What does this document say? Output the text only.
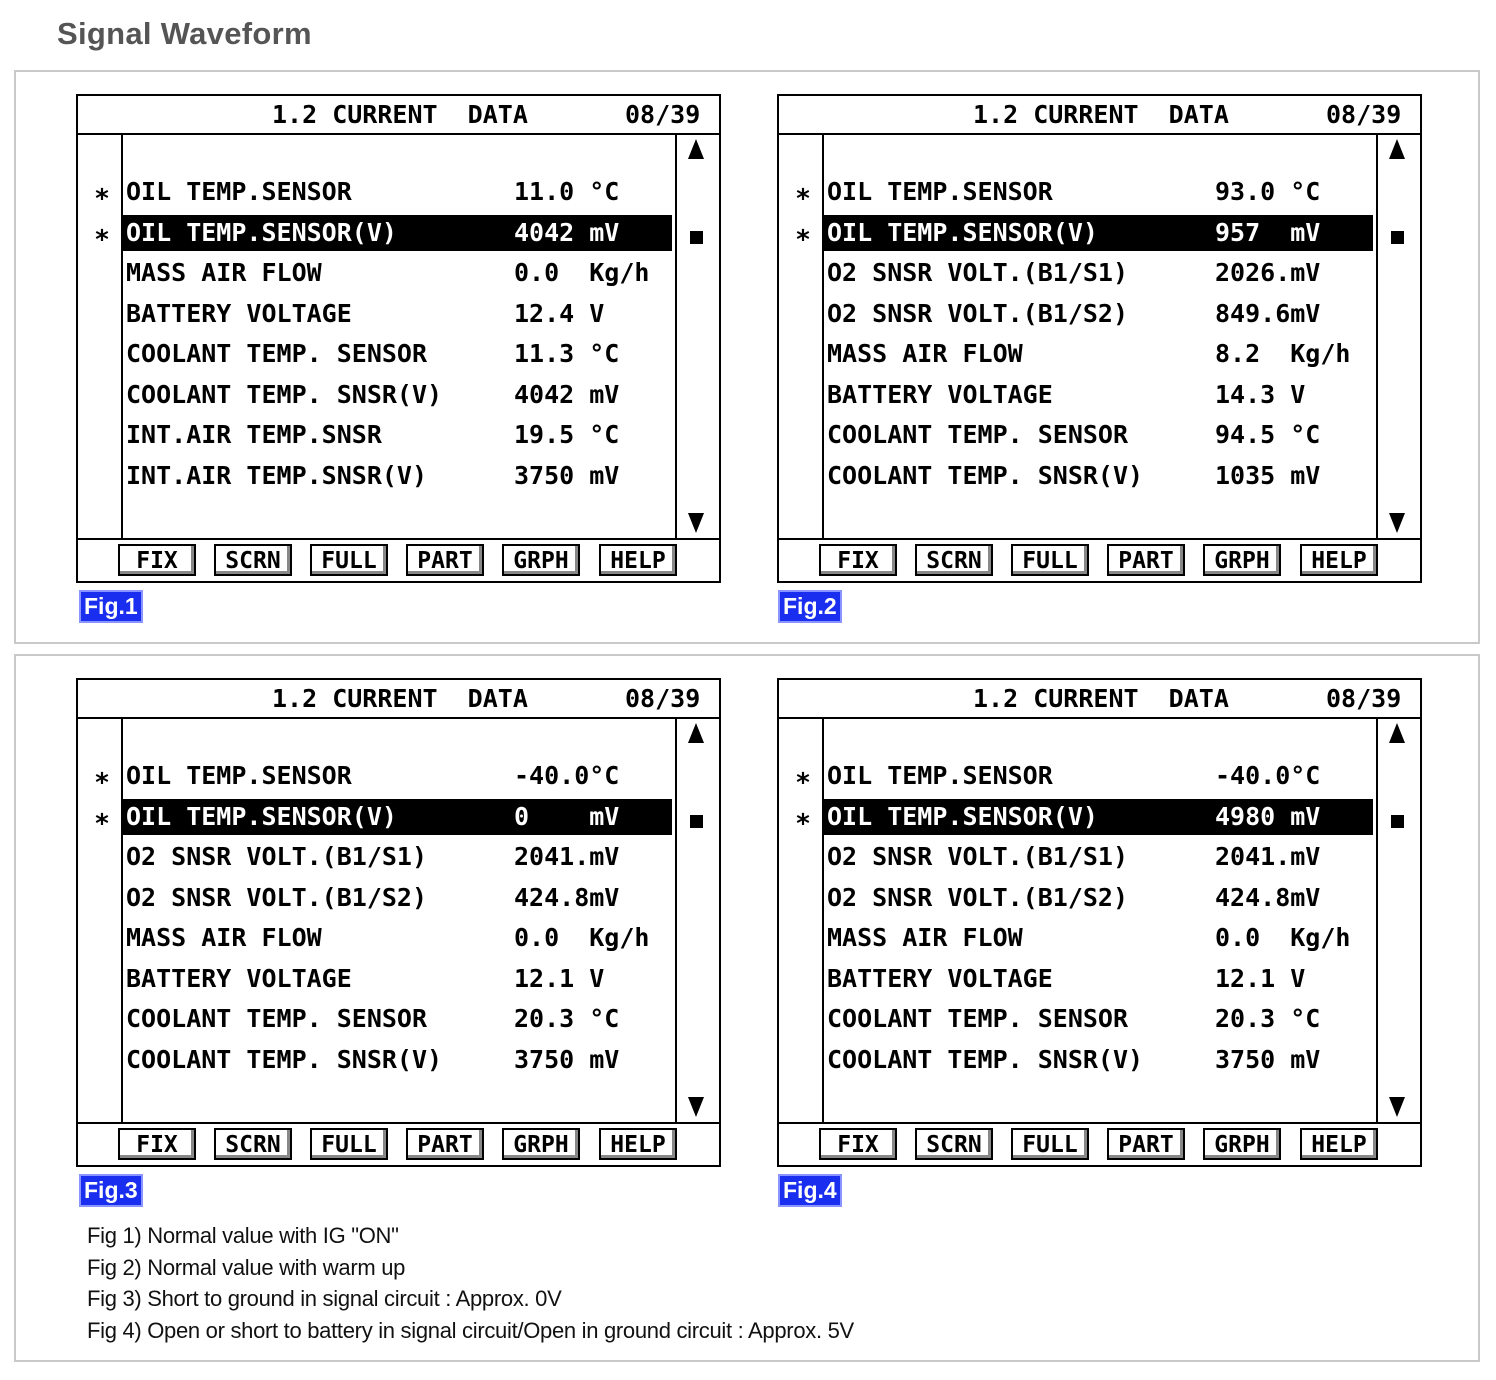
Signal Waveform
1.2 CURRENT  DATA	08/39
∗ OIL TEMP.SENSOR	11.0 °C
∗ OIL TEMP.SENSOR(V)	4042 mV
MASS AIR FLOW	0.0  Kg/h
BATTERY VOLTAGE	12.4 V
COOLANT TEMP. SENSOR	11.3 °C
COOLANT TEMP. SNSR(V)	4042 mV
INT.AIR TEMP.SNSR	19.5 °C
INT.AIR TEMP.SNSR(V)	3750 mV
FIX	SCRN	FULL	PART	GRPH	HELP
Fig.1
1.2 CURRENT  DATA	08/39
∗ OIL TEMP.SENSOR	93.0 °C
∗ OIL TEMP.SENSOR(V)	957  mV
O2 SNSR VOLT.(B1/S1)	2026.mV
O2 SNSR VOLT.(B1/S2)	849.6mV
MASS AIR FLOW	8.2  Kg/h
BATTERY VOLTAGE	14.3 V
COOLANT TEMP. SENSOR	94.5 °C
COOLANT TEMP. SNSR(V)	1035 mV
FIX	SCRN	FULL	PART	GRPH	HELP
Fig.2
1.2 CURRENT  DATA	08/39
∗ OIL TEMP.SENSOR	-40.0°C
∗ OIL TEMP.SENSOR(V)	0    mV
O2 SNSR VOLT.(B1/S1)	2041.mV
O2 SNSR VOLT.(B1/S2)	424.8mV
MASS AIR FLOW	0.0  Kg/h
BATTERY VOLTAGE	12.1 V
COOLANT TEMP. SENSOR	20.3 °C
COOLANT TEMP. SNSR(V)	3750 mV
FIX	SCRN	FULL	PART	GRPH	HELP
Fig.3
1.2 CURRENT  DATA	08/39
∗ OIL TEMP.SENSOR	-40.0°C
∗ OIL TEMP.SENSOR(V)	4980 mV
O2 SNSR VOLT.(B1/S1)	2041.mV
O2 SNSR VOLT.(B1/S2)	424.8mV
MASS AIR FLOW	0.0  Kg/h
BATTERY VOLTAGE	12.1 V
COOLANT TEMP. SENSOR	20.3 °C
COOLANT TEMP. SNSR(V)	3750 mV
FIX	SCRN	FULL	PART	GRPH	HELP
Fig.4
Fig 1) Normal value with IG "ON"
Fig 2) Normal value with warm up
Fig 3) Short to ground in signal circuit : Approx. 0V
Fig 4) Open or short to battery in signal circuit/Open in ground circuit : Approx. 5V
